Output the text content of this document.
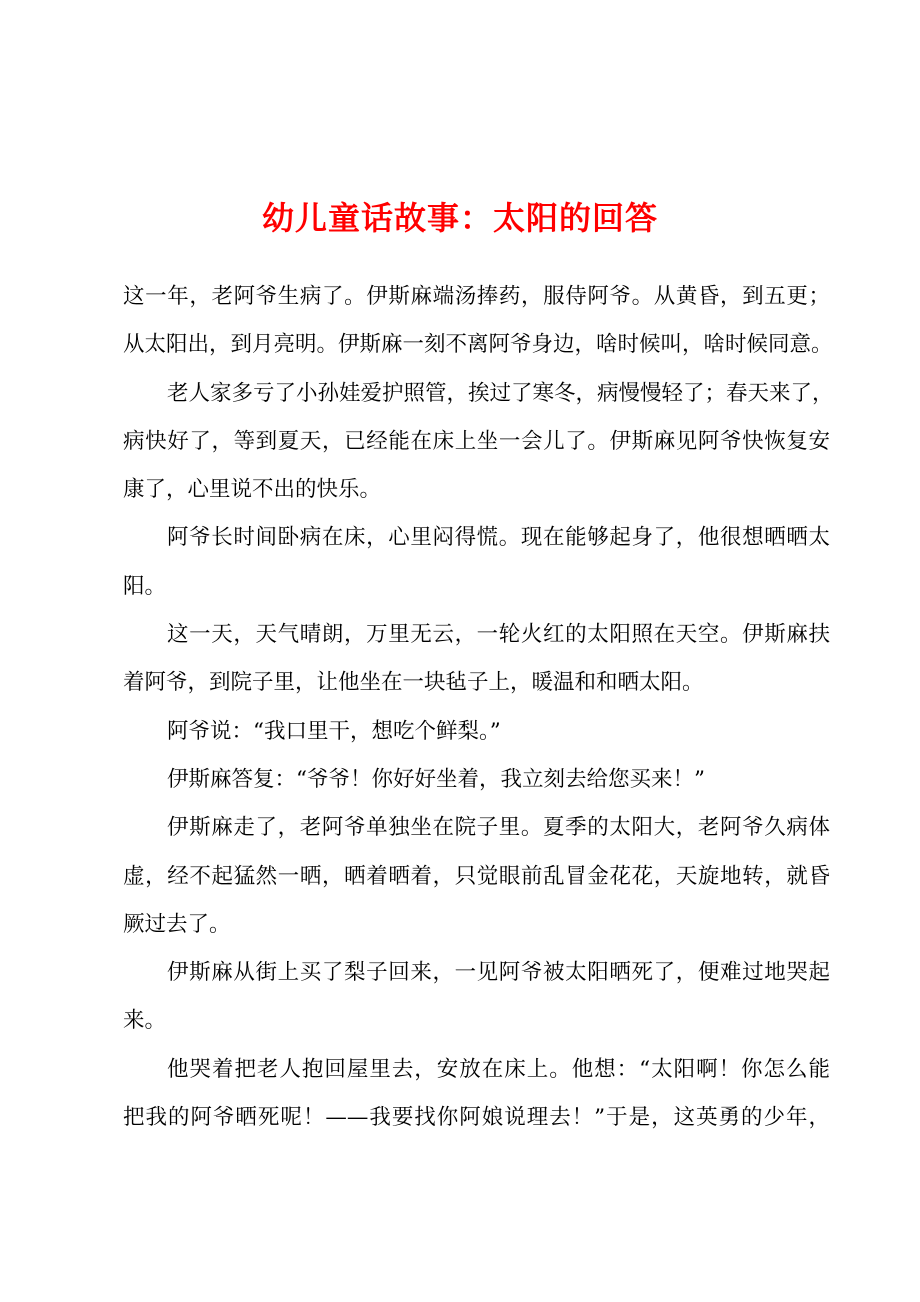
幼儿童话故事：太阳的回答
这一年，老阿爷生病了。伊斯麻端汤捧药，服侍阿爷。从黄昏，到五更；
从太阳出，到月亮明。伊斯麻一刻不离阿爷身边，啥时候叫，啥时候同意。
老人家多亏了小孙娃爱护照管，挨过了寒冬，病慢慢轻了；春天来了，
病快好了，等到夏天，已经能在床上坐一会儿了。伊斯麻见阿爷快恢复安
康了，心里说不出的快乐。
阿爷长时间卧病在床，心里闷得慌。现在能够起身了，他很想晒晒太
阳。
这一天，天气晴朗，万里无云，一轮火红的太阳照在天空。伊斯麻扶
着阿爷，到院子里，让他坐在一块毡子上，暖温和和晒太阳。
阿爷说：“我口里干，想吃个鲜梨。”
伊斯麻答复：“爷爷！你好好坐着，我立刻去给您买来！”
伊斯麻走了，老阿爷单独坐在院子里。夏季的太阳大，老阿爷久病体
虚，经不起猛然一晒，晒着晒着，只觉眼前乱冒金花花，天旋地转，就昏
厥过去了。
伊斯麻从街上买了梨子回来，一见阿爷被太阳晒死了，便难过地哭起
来。
他哭着把老人抱回屋里去，安放在床上。他想：“太阳啊！你怎么能
把我的阿爷晒死呢！——我要找你阿娘说理去！”于是，这英勇的少年，
